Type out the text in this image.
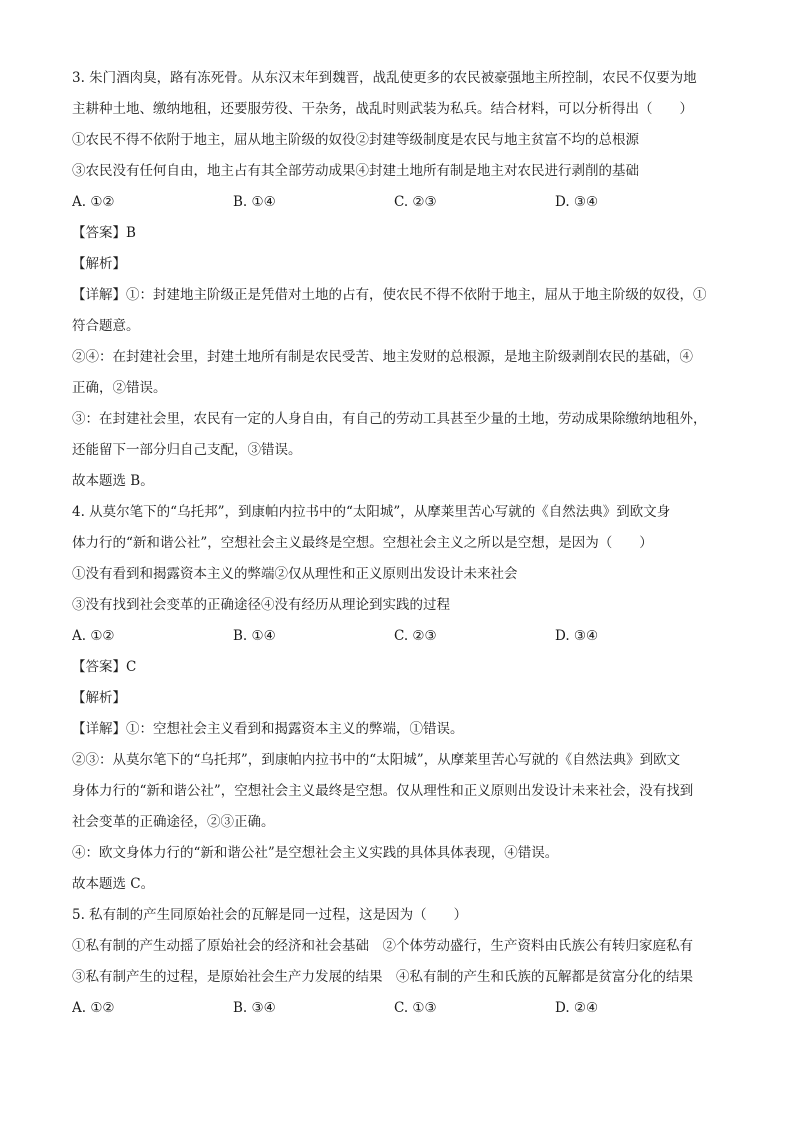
3. 朱门酒肉臭，路有冻死骨。从东汉末年到魏晋，战乱使更多的农民被豪强地主所控制，农民不仅要为地
主耕种土地、缴纳地租，还要服劳役、干杂务，战乱时则武装为私兵。结合材料，可以分析得出（　　）
①农民不得不依附于地主，屈从地主阶级的奴役②封建等级制度是农民与地主贫富不均的总根源
③农民没有任何自由，地主占有其全部劳动成果④封建土地所有制是地主对农民进行剥削的基础
A. ①②	B. ①④	C. ②③	D. ③④
【答案】B
【解析】
【详解】①：封建地主阶级正是凭借对土地的占有，使农民不得不依附于地主，屈从于地主阶级的奴役，①
符合题意。
②④：在封建社会里，封建土地所有制是农民受苦、地主发财的总根源，是地主阶级剥削农民的基础，④
正确，②错误。
③：在封建社会里，农民有一定的人身自由，有自己的劳动工具甚至少量的土地，劳动成果除缴纳地租外，
还能留下一部分归自己支配，③错误。
故本题选 B。
4. 从莫尔笔下的“乌托邦”，到康帕内拉书中的“太阳城”，从摩莱里苦心写就的《自然法典》到欧文身
体力行的“新和谐公社”，空想社会主义最终是空想。空想社会主义之所以是空想，是因为（　　）
①没有看到和揭露资本主义的弊端②仅从理性和正义原则出发设计未来社会
③没有找到社会变革的正确途径④没有经历从理论到实践的过程
A. ①②	B. ①④	C. ②③	D. ③④
【答案】C
【解析】
【详解】①：空想社会主义看到和揭露资本主义的弊端，①错误。
②③：从莫尔笔下的“乌托邦”，到康帕内拉书中的“太阳城”，从摩莱里苦心写就的《自然法典》到欧文
身体力行的“新和谐公社”，空想社会主义最终是空想。仅从理性和正义原则出发设计未来社会，没有找到
社会变革的正确途径，②③正确。
④：欧文身体力行的“新和谐公社”是空想社会主义实践的具体具体表现，④错误。
故本题选 C。
5. 私有制的产生同原始社会的瓦解是同一过程，这是因为（　　）
①私有制的产生动摇了原始社会的经济和社会基础　②个体劳动盛行，生产资料由氏族公有转归家庭私有
③私有制产生的过程，是原始社会生产力发展的结果　④私有制的产生和氏族的瓦解都是贫富分化的结果
A. ①②	B. ③④	C. ①③	D. ②④
